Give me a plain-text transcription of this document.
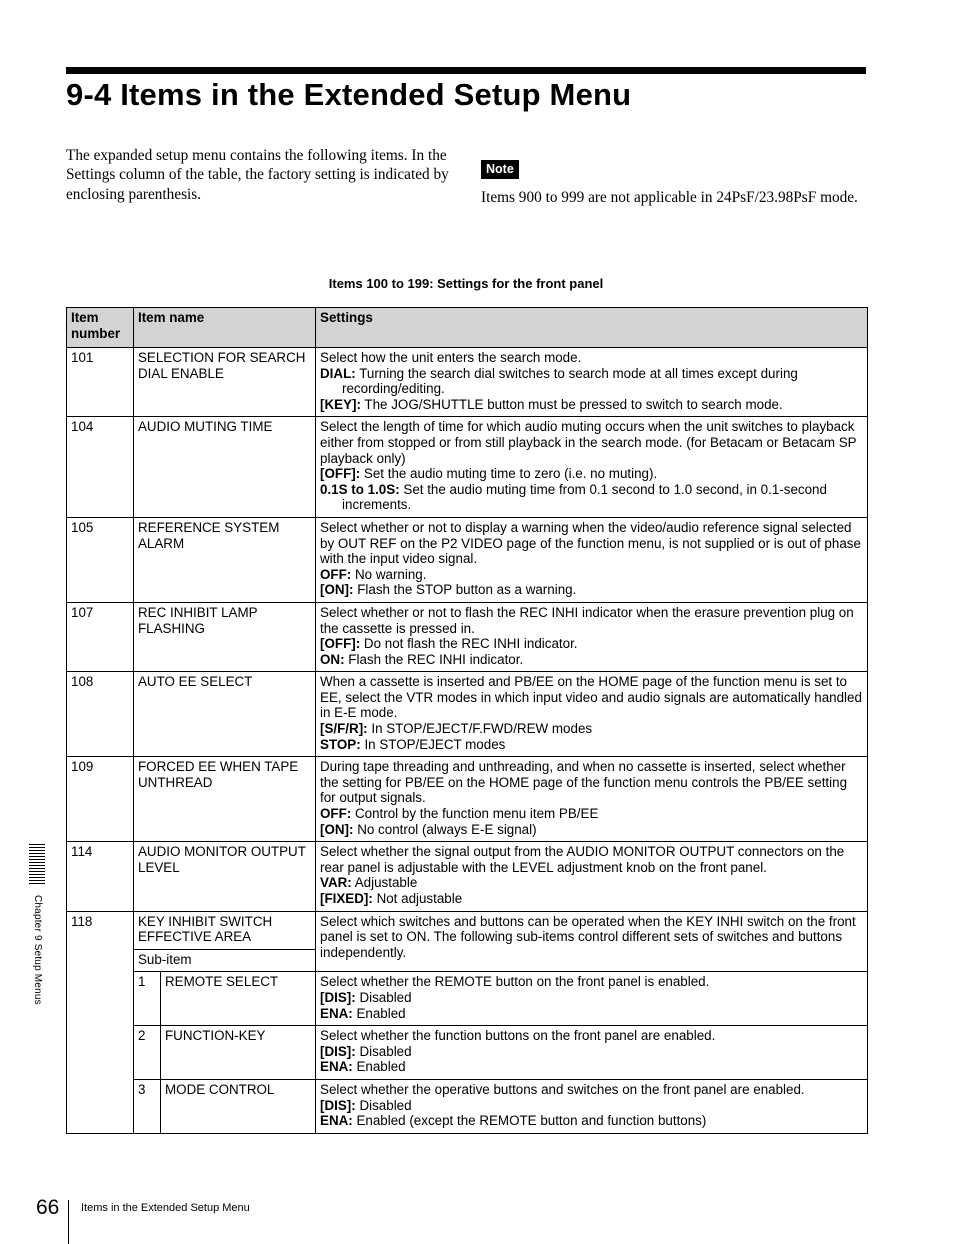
9-4 Items in the Extended Setup Menu

The expanded setup menu contains the following items. In the Settings column of the table, the factory setting is indicated by enclosing parenthesis.

Note

Items 900 to 999 are not applicable in 24PsF/23.98PsF mode.

Items 100 to 199: Settings for the front panel
Item number	Item name		Settings
101	SELECTION FOR SEARCH DIAL ENABLE		Select how the unit enters the search mode.
DIAL: Turning the search dial switches to search mode at all times except during recording/editing.
[KEY]: The JOG/SHUTTLE button must be pressed to switch to search mode.

104	AUDIO MUTING TIME		Select the length of time for which audio muting occurs when the unit switches to playback either from stopped or from still playback in the search mode. (for Betacam or Betacam SP playback only)
[OFF]: Set the audio muting time to zero (i.e. no muting).
0.1S to 1.0S: Set the audio muting time from 0.1 second to 1.0 second, in 0.1-second increments.

105	REFERENCE SYSTEM ALARM		Select whether or not to display a warning when the video/audio reference signal selected by OUT REF on the P2 VIDEO page of the function menu, is not supplied or is out of phase with the input video signal.
OFF: No warning.
[ON]: Flash the STOP button as a warning.

107	REC INHIBIT LAMP FLASHING		Select whether or not to flash the REC INHI indicator when the erasure prevention plug on the cassette is pressed in.
[OFF]: Do not flash the REC INHI indicator.
ON: Flash the REC INHI indicator.

108	AUTO EE SELECT		When a cassette is inserted and PB/EE on the HOME page of the function menu is set to EE, select the VTR modes in which input video and audio signals are automatically handled in E-E mode.
[S/F/R]: In STOP/EJECT/F.FWD/REW modes
STOP: In STOP/EJECT modes

109	FORCED EE WHEN TAPE UNTHREAD		During tape threading and unthreading, and when no cassette is inserted, select whether the setting for PB/EE on the HOME page of the function menu controls the PB/EE setting for output signals.
OFF: Control by the function menu item PB/EE
[ON]: No control (always E-E signal)

114	AUDIO MONITOR OUTPUT LEVEL		Select whether the signal output from the AUDIO MONITOR OUTPUT connectors on the rear panel is adjustable with the LEVEL adjustment knob on the front panel.
VAR: Adjustable
[FIXED]: Not adjustable

118	KEY INHIBIT SWITCH EFFECTIVE AREA		Select which switches and buttons can be operated when the KEY INHI switch on the front panel is set to ON. The following sub-items control different sets of switches and buttons independently.
	Sub-item		
	1	REMOTE SELECT	Select whether the REMOTE button on the front panel is enabled.
[DIS]: Disabled
ENA: Enabled

	2	FUNCTION-KEY	Select whether the function buttons on the front panel are enabled.
[DIS]: Disabled
ENA: Enabled

	3	MODE CONTROL	Select whether the operative buttons and switches on the front panel are enabled.
[DIS]: Disabled
ENA: Enabled (except the REMOTE button and function buttons)
Chapter 9 Setup Menus
66 Items in the Extended Setup Menu
